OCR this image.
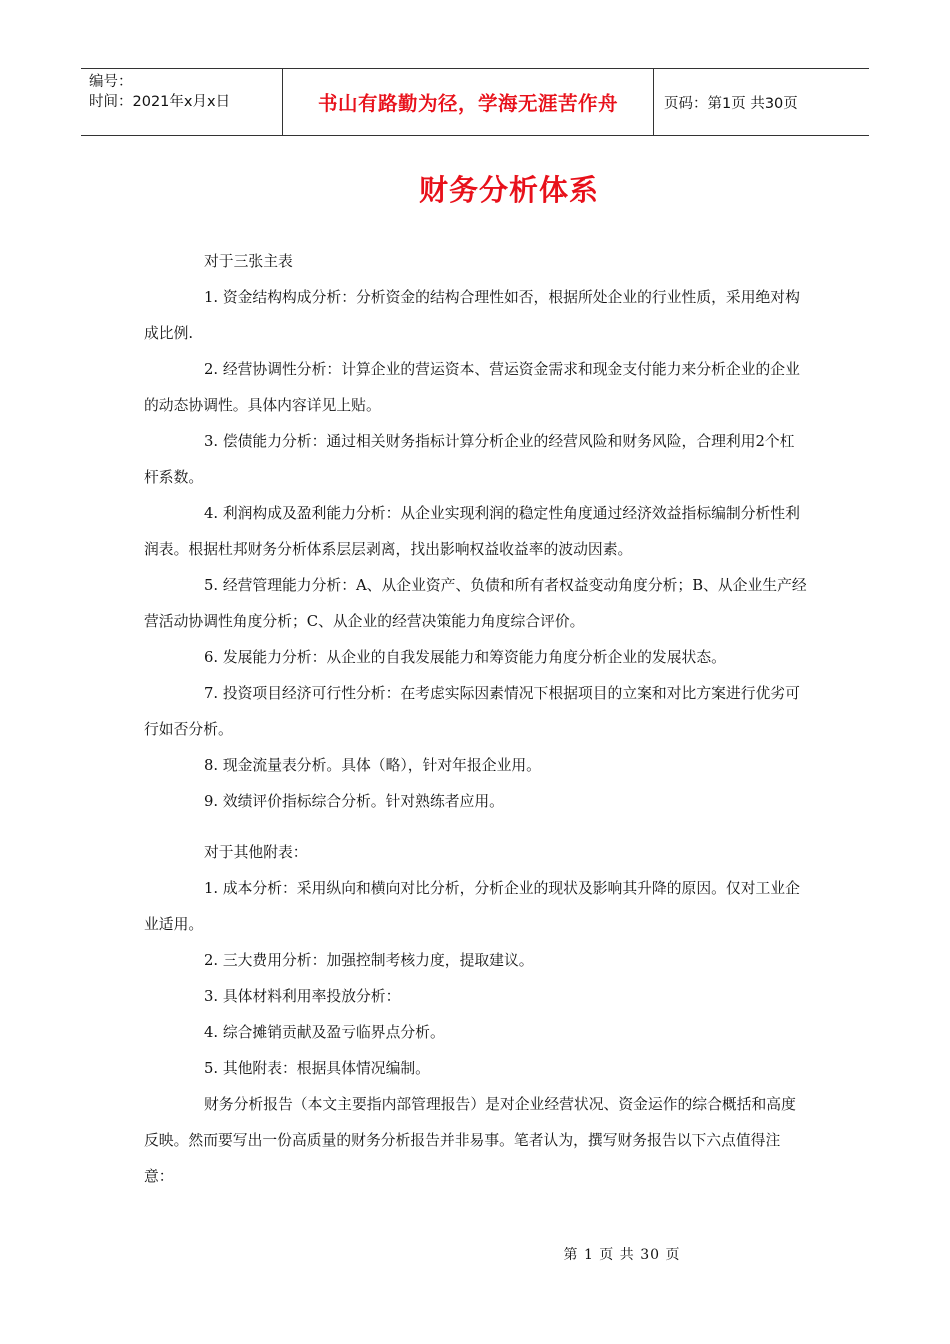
编号：
时间：2021年x月x日	书山有路勤为径，学海无涯苦作舟	页码：第1页 共30页
财务分析体系

对于三张主表

1. 资金结构构成分析：分析资金的结构合理性如否，根据所处企业的行业性质，采用绝对构成比例.

2. 经营协调性分析：计算企业的营运资本、营运资金需求和现金支付能力来分析企业的企业的动态协调性。具体内容详见上贴。

3. 偿债能力分析：通过相关财务指标计算分析企业的经营风险和财务风险，合理利用2个杠杆系数。

4. 利润构成及盈利能力分析：从企业实现利润的稳定性角度通过经济效益指标编制分析性利润表。根据杜邦财务分析体系层层剥离，找出影响权益收益率的波动因素。

5. 经营管理能力分析：A、从企业资产、负债和所有者权益变动角度分析；B、从企业生产经营活动协调性角度分析；C、从企业的经营决策能力角度综合评价。

6. 发展能力分析：从企业的自我发展能力和筹资能力角度分析企业的发展状态。

7. 投资项目经济可行性分析：在考虑实际因素情况下根据项目的立案和对比方案进行优劣可行如否分析。

8. 现金流量表分析。具体（略），针对年报企业用。

9. 效绩评价指标综合分析。针对熟练者应用。

对于其他附表：

1. 成本分析：采用纵向和横向对比分析，分析企业的现状及影响其升降的原因。仅对工业企业适用。

2. 三大费用分析：加强控制考核力度，提取建议。

3. 具体材料利用率投放分析：

4. 综合摊销贡献及盈亏临界点分析。

5. 其他附表：根据具体情况编制。

财务分析报告（本文主要指内部管理报告）是对企业经营状况、资金运作的综合概括和高度反映。然而要写出一份高质量的财务分析报告并非易事。笔者认为，撰写财务报告以下六点值得注意：

第 1 页 共 30 页
